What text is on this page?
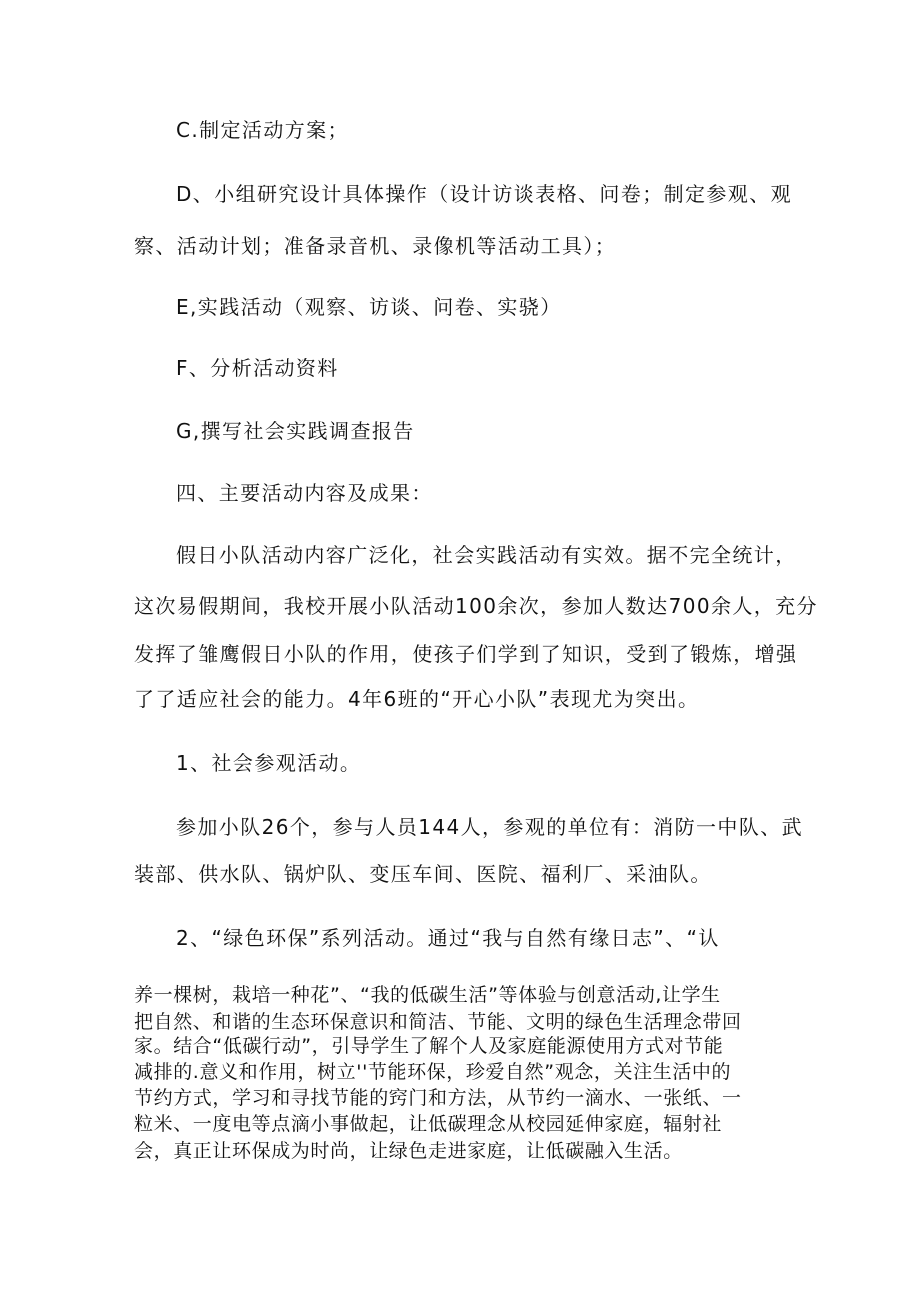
C.制定活动方案；
D、小组研究设计具体操作（设计访谈表格、问卷；制定参观、观
察、活动计划；准备录音机、录像机等活动工具）；
E,实践活动（观察、访谈、问卷、实骁）
F、分析活动资料
G,撰写社会实践调查报告
四、主要活动内容及成果：
假日小队活动内容广泛化，社会实践活动有实效。据不完全统计，
这次易假期间，我校开展小队活动100余次，参加人数达700余人，充分
发挥了雏鹰假日小队的作用，使孩子们学到了知识，受到了锻炼，增强
了了适应社会的能力。4年6班的“开心小队”表现尤为突出。
1、社会参观活动。
参加小队26个，参与人员144人，参观的单位有：消防一中队、武
装部、供水队、锅炉队、变压车间、医院、福利厂、采油队。
2、“绿色环保”系列活动。通过“我与自然有缘日志”、“认
养一棵树，栽培一种花”、“我的低碳生活”等体验与创意活动,让学生
把自然、和谐的生态环保意识和简洁、节能、文明的绿色生活理念带回
家。结合“低碳行动”，引导学生了解个人及家庭能源使用方式对节能
减排的.意义和作用，树立''节能环保，珍爱自然”观念，关注生活中的
节约方式，学习和寻找节能的窍门和方法，从节约一滴水、一张纸、一
粒米、一度电等点滴小事做起，让低碳理念从校园延伸家庭，辐射社
会，真正让环保成为时尚，让绿色走进家庭，让低碳融入生活。
